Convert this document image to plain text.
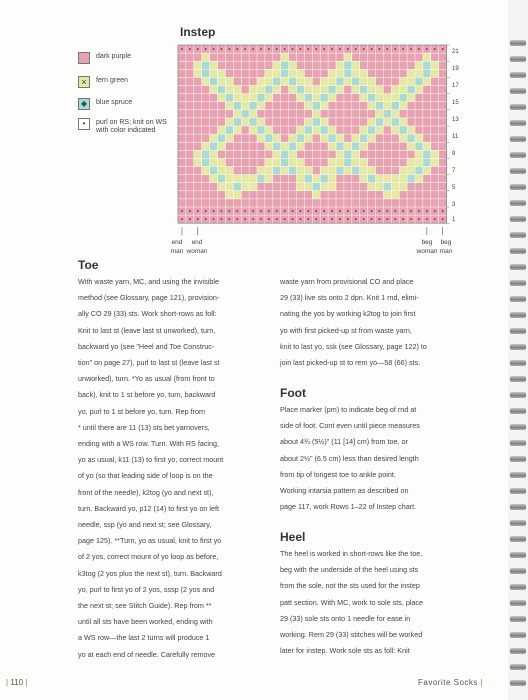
Instep
dark purple
×	fern green
◆	blue spruce
•	purl on RS; knit on WS with color indicated
21
19
17
15
13
11
9
7
5
3
1
end
man
end
woman
beg
woman
beg
man
Toe

With waste yarn, MC, and using the invisible

method (see Glossary, page 121), provision-

ally CO 29 (33) sts. Work short-rows as foll:

Knit to last st (leave last st unworked), turn,

backward yo (see "Heel and Toe Construc-

tion" on page 27), purl to last st (leave last st

unworked), turn. *Yo as usual (from front to

back), knit to 1 st before yo, turn, backward

yo, purl to 1 st before yo, turn. Rep from

* until there are 11 (13) sts bet yarnovers,

ending with a WS row. Turn. With RS facing,

yo as usual, k11 (13) to first yo, correct mount

of yo (so that leading side of loop is on the

front of the needle), k2tog (yo and next st),

turn. Backward yo, p12 (14) to first yo on left

needle, ssp (yo and next st; see Glossary,

page 125). **Turn, yo as usual, knit to first yo

of 2 yos, correct mount of yo loop as before,

k3tog (2 yos plus the next st), turn. Backward

yo, purl to first yo of 2 yos, sssp (2 yos and

the next st; see Stitch Guide). Rep from **

until all sts have been worked, ending with

a WS row—the last 2 turns will produce 1

yo at each end of needle. Carefully remove

waste yarn from provisional CO and place

29 (33) live sts onto 2 dpn. Knit 1 rnd, elimi-

nating the yos by working k2tog to join first

yo with first picked-up st from waste yarn,

knit to last yo, ssk (see Glossary, page 122) to

join last picked-up st to rem yo—58 (66) sts.

Foot

Place marker (pm) to indicate beg of rnd at

side of foot. Cont even until piece measures

about 4¾ (5½)" (11 [14] cm) from toe, or

about 2½" (6.5 cm) less than desired length

from tip of longest toe to ankle point.

Working intarsia pattern as described on

page 117, work Rows 1–22 of Instep chart.

Heel

The heel is worked in short-rows like the toe,

beg with the underside of the heel using sts

from the sole, not the sts used for the instep

patt section. With MC, work to sole sts, place

29 (33) sole sts onto 1 needle for ease in

working. Rem 29 (33) stitches will be worked

later for instep. Work sole sts as foll: Knit

| 110 |	Favorite Socks |
